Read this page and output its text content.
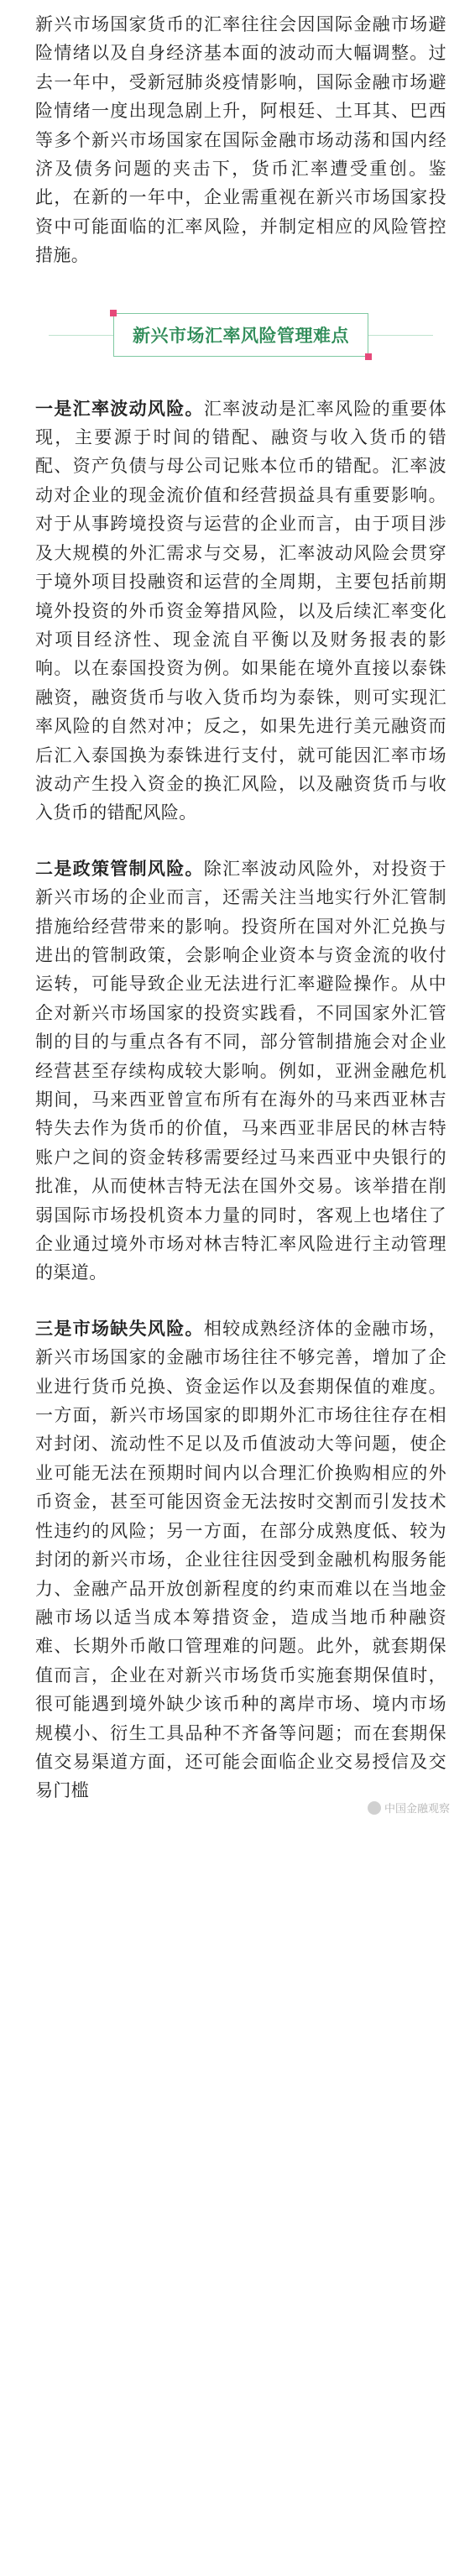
新兴市场国家货币的汇率往往会因国际金融市场避险情绪以及自身经济基本面的波动而大幅调整。过去一年中，受新冠肺炎疫情影响，国际金融市场避险情绪一度出现急剧上升，阿根廷、土耳其、巴西等多个新兴市场国家在国际金融市场动荡和国内经济及债务问题的夹击下，货币汇率遭受重创。鉴此，在新的一年中，企业需重视在新兴市场国家投资中可能面临的汇率风险，并制定相应的风险管控措施。

新兴市场汇率风险管理难点

一是汇率波动风险。汇率波动是汇率风险的重要体现，主要源于时间的错配、融资与收入货币的错配、资产负债与母公司记账本位币的错配。汇率波动对企业的现金流价值和经营损益具有重要影响。对于从事跨境投资与运营的企业而言，由于项目涉及大规模的外汇需求与交易，汇率波动风险会贯穿于境外项目投融资和运营的全周期，主要包括前期境外投资的外币资金筹措风险，以及后续汇率变化对项目经济性、现金流自平衡以及财务报表的影响。以在泰国投资为例。如果能在境外直接以泰铢融资，融资货币与收入货币均为泰铢，则可实现汇率风险的自然对冲；反之，如果先进行美元融资而后汇入泰国换为泰铢进行支付，就可能因汇率市场波动产生投入资金的换汇风险，以及融资货币与收入货币的错配风险。

二是政策管制风险。除汇率波动风险外，对投资于新兴市场的企业而言，还需关注当地实行外汇管制措施给经营带来的影响。投资所在国对外汇兑换与进出的管制政策，会影响企业资本与资金流的收付运转，可能导致企业无法进行汇率避险操作。从中企对新兴市场国家的投资实践看，不同国家外汇管制的目的与重点各有不同，部分管制措施会对企业经营甚至存续构成较大影响。例如，亚洲金融危机期间，马来西亚曾宣布所有在海外的马来西亚林吉特失去作为货币的价值，马来西亚非居民的林吉特账户之间的资金转移需要经过马来西亚中央银行的批准，从而使林吉特无法在国外交易。该举措在削弱国际市场投机资本力量的同时，客观上也堵住了企业通过境外市场对林吉特汇率风险进行主动管理的渠道。

三是市场缺失风险。相较成熟经济体的金融市场，新兴市场国家的金融市场往往不够完善，增加了企业进行货币兑换、资金运作以及套期保值的难度。一方面，新兴市场国家的即期外汇市场往往存在相对封闭、流动性不足以及币值波动大等问题，使企业可能无法在预期时间内以合理汇价换购相应的外币资金，甚至可能因资金无法按时交割而引发技术性违约的风险；另一方面，在部分成熟度低、较为封闭的新兴市场，企业往往因受到金融机构服务能力、金融产品开放创新程度的约束而难以在当地金融市场以适当成本筹措资金，造成当地币种融资难、长期外币敞口管理难的问题。此外，就套期保值而言，企业在对新兴市场货币实施套期保值时，很可能遇到境外缺少该币种的离岸市场、境内市场规模小、衍生工具品种不齐备等问题；而在套期保值交易渠道方面，还可能会面临企业交易授信及交易门槛

中国金融观察
